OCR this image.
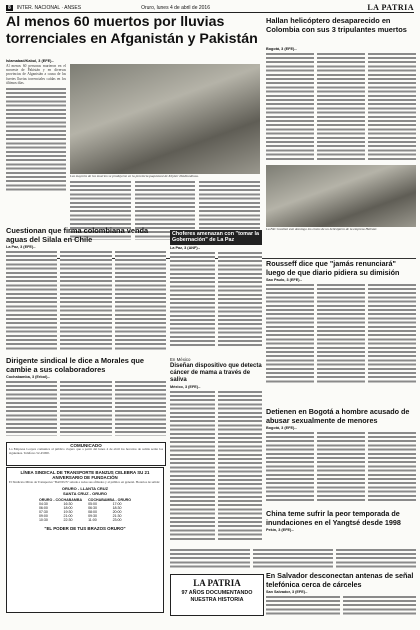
8	INTER. NACIONAL · ANSES	Oruro, lunes 4 de abril de 2016	LA PATRIA
Al menos 60 muertos por lluvias torrenciales en Afganistán y Pakistán
Hallan helicóptero desaparecido en Colombia con sus 3 tripulantes muertos
Islamabad/Kabul, 3 (EFE).-
Al menos 60 personas murieron en el noroeste de Pakistán y en diversas provincias de Afganistán a causa de las fuertes lluvias torrenciales caídas en los últimos días.
Las mayoría de los muertos se produjeron en la provincia paquistaní de Khyber Pakhtunkhwa.
Bogotá, 3 (EFE).-
La FAC localizó este domingo los restos de un helicóptero de la empresa Helistar.
Cuestionan que firma colombiana venda aguas del Silala en Chile
La Paz, 3 (EFE).-
Choferes amenazan con "tomar la Gobernación" de La Paz
La Paz, 3 (ANF).-
Rousseff dice que "jamás renunciará" luego de que diario pidiera su dimisión
Sao Paulo, 3 (EFE).-
En México
Diseñan dispositivo que detecta cáncer de mama a través de saliva
México, 3 (EFE).-
Dirigente sindical le dice a Morales que cambie a sus colaboradores
Cochabamba, 3 (Erbol).-
COMUNICADO
La Empresa Loayza comunica al público viajero que a partir del lunes 4 de abril los horarios de salida serán los siguientes. Teléfono 52-45000.
LÍNEA SINDICAL DE TRANSPORTE BANZUS CELEBRA SU 21 ANIVERSARIO DE FUNDACIÓN
El Sindicato Mixto de Transportes "BANZUS" saluda a todos sus afiliados y al público en general. Horarios de salida:
ORURO - LLANTA CRUZ
SANTA CRUZ - ORURO
ORURO - COCHABAMBA		COCHABAMBA - ORURO	
04:30	16:30	05:00	17:00
06:00	18:00	06:30	18:30
07:30	19:30	08:00	20:00
09:00	21:00	09:30	21:30
10:30	22:30	11:00	23:00
"EL PODER DE TUS BRAZOS ORURO"
Detienen en Bogotá a hombre acusado de abusar sexualmente de menores
Bogotá, 3 (EFE).-
China teme sufrir la peor temporada de inundaciones en el Yangtsé desde 1998
Pekín, 3 (EFE).-
En Salvador desconectan antenas de señal telefónica cerca de cárceles
San Salvador, 3 (EFE).-
LA PATRIA
97 AÑOS DOCUMENTANDO NUESTRA HISTORIA
